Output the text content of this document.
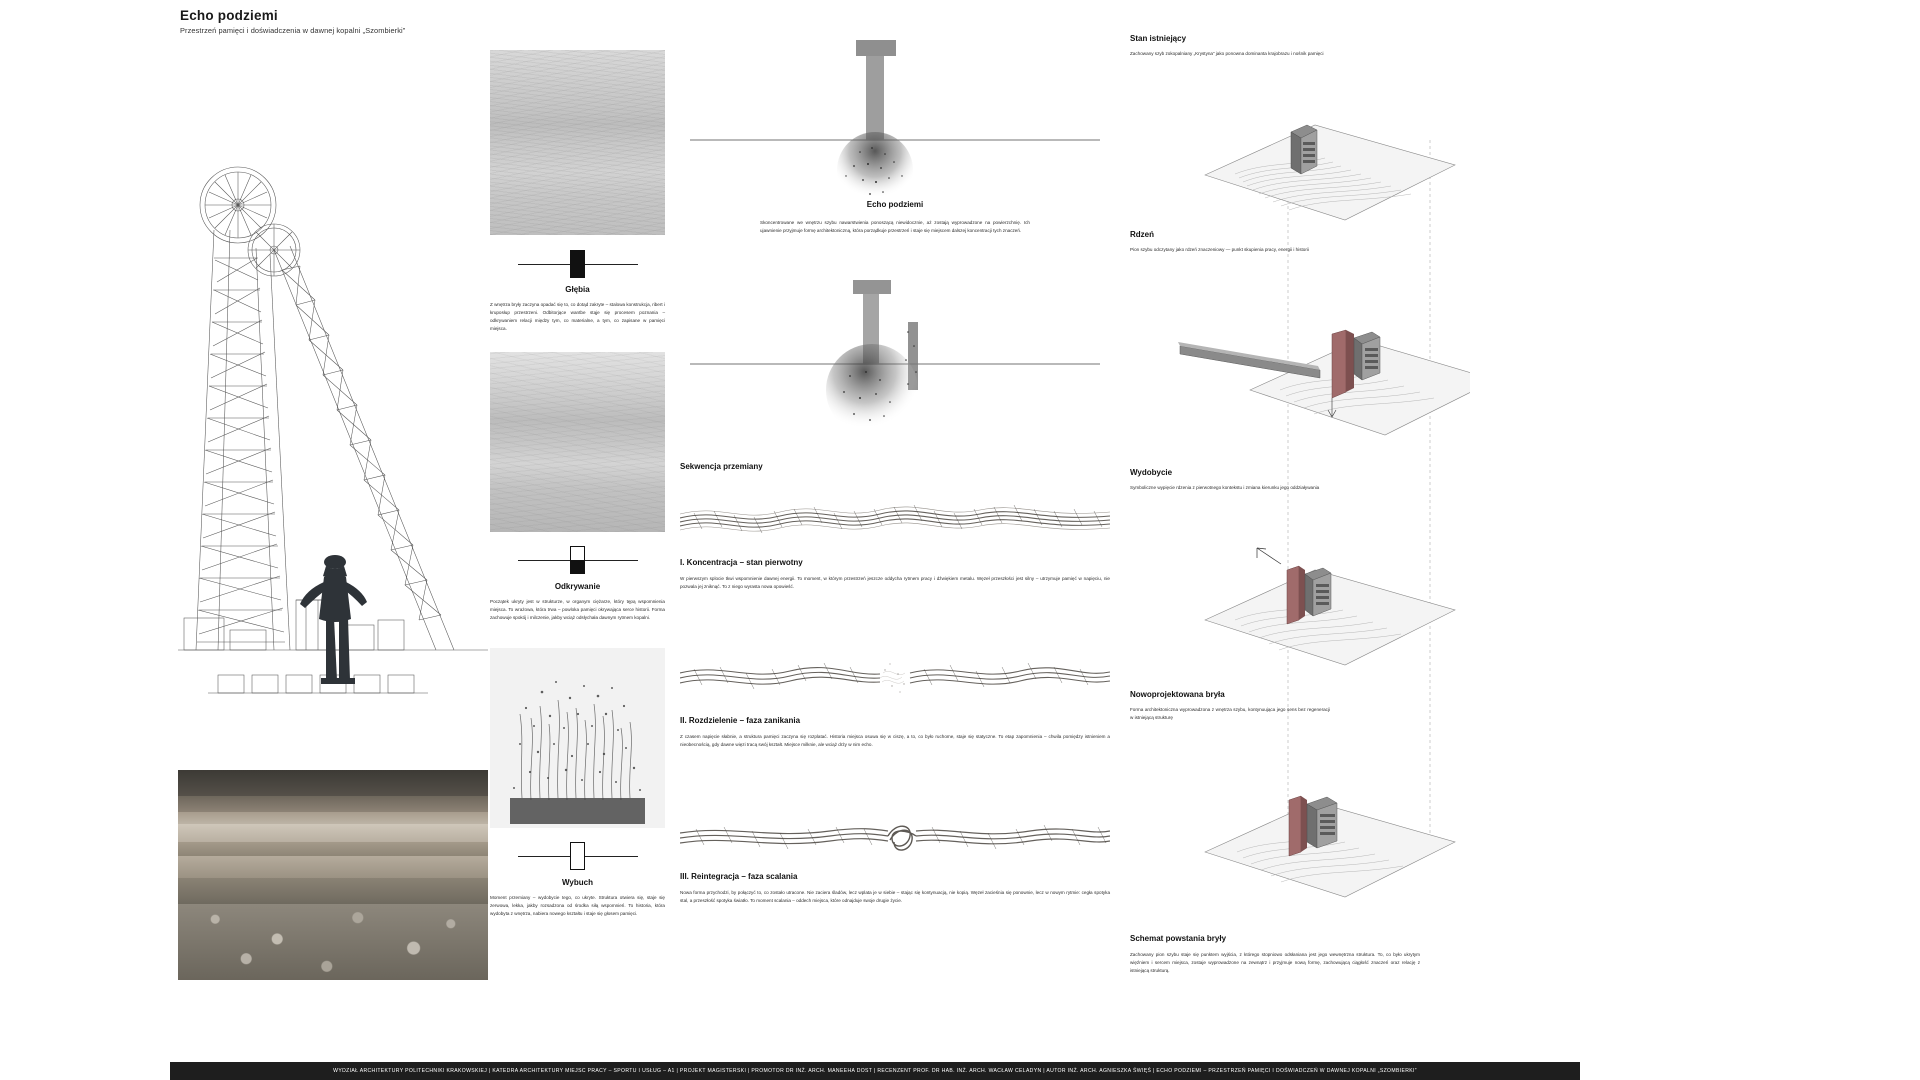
Echo podziemi
Przestrzeń pamięci i doświadczenia w dawnej kopalni „Szombierki”
Głębia
Z wnętrza bryły zaczyna opadać się to, co dotąd zakryte – stalowa konstrukcja, ribert i kruposłup przestrzeni. Odbitorjące wantbe stąje się procesem poznania – odkrywaniem relacji między tym, co materialne, a tym, co zapisane w pamięci miejsca.
Odkrywanie
Początek ukryty jest w strukturze, w organym ciężarze, który tępą wspomnienia miejsca. To wrażowa, która trwa – powloka pamięci okrywająca serce historii. Forma zachowuje spokój i milczenie, jakby wciąż odsłychała dawnym rytmem kopalni.
Wybuch
Moment przemiany – wydobycie tego, co ukryte. Struktura otwiera się, staje się zerwowa, lekka, jakby rozsadzona od środka siłą wspomnień. To historia, która wydobyta z wnętrza, nabiera nowego kształtu i staje się głosem pamięci.
Echo podziemi
Skoncentrowane we wnętrzu szybu nawarstwienia ponoszącą niewidocznie, aż zostają wyprowadzone na powierzchnię. Ich ujawnienie przyjmuje formę architektoniczną, która porządkuje przestrzeń i staje się miejscem dalszej koncentracji tych znaczeń.
Sekwencja przemiany
I. Koncentracja – stan pierwotny
W pierwszym splocie tkwi wspomnienie dawnej energii. To moment, w którym przestrzeń jeszcze oddycha rytmem pracy i dźwiękiem metalu. Węzeł przeszłości jest silny – utrzymuje pamięć w napięciu, nie pozwala jej zniknąć. To z niego wyrasta nowa opowieść.
II. Rozdzielenie – faza zanikania
Z czasem napięcie słabnie, a struktura pamięci zaczyna się rozplatać. Historia miejsca osuwa się w ciszę, a to, co było ruchome, staje się statyczne. To etap zapomnienia – chwila pomiędzy istnieniem a nieobecnością, gdy dawne więzi tracą swój kształt. Miejsce milknie, ale wciąż drży w nim echo.
III. Reintegracja – faza scalania
Nowa forma przychodzi, by połączyć to, co zostało utracone. Nie zaciera śladów, lecz wplata je w siebie – stając się kontynuacją, nie kopią. Węzeł zacieśnia się ponownie, lecz w nowym rytmie: cegła spotyka stal, a przeszłość spotyka światło. To moment scalania – oddech miejsca, które odnajduje swoje drugie życie.
Stan istniejący
Zachowany szyb zokopalniany „Krystyna” jako ponowna dominanta krajobrazu i nośnik pamięci
Rdzeń
Pion szybu odczytany jako rdzeń znaczeniowy — punkt skupienia pracy, energii i historii
Wydobycie
Symboliczne wypięcie rdzenia z pierwotnego kontekstu i zmiana kierunku jego oddziaływania
Nowoprojektowana bryła
Forma architektoniczna wyprowadzona z wnętrza szybu, kontynuująca jego sens bez regeneracji w istniejącą strukturę
Schemat powstania bryły
Zachowany pion szybu staje się punktem wyjścia, z którego stopniowo odsłaniana jest jego wewnętrzna struktura. To, co było ukrytym więźniem i sercem miejsca, zostaje wyprowadzone na zewnątrz i przyjmuje nową formę, zachowującą ciągłość znaczeń oraz relację z istniejącą strukturą.
WYDZIAŁ ARCHITEKTURY POLITECHNIKI KRAKOWSKIEJ | KATEDRA ARCHITEKTURY MIEJSC PRACY – SPORTU I USŁUG – A1 | PROJEKT MAGISTERSKI | PROMOTOR DR INŻ. ARCH. MANEEHA DOST | RECENZENT PROF. DR HAB. INŻ. ARCH. WACŁAW CELADYN | AUTOR INŻ. ARCH. AGNIESZKA ŚWIĘŚ | ECHO PODZIEMI – PRZESTRZEŃ PAMIĘCI I DOŚWIADCZEŃ W DAWNEJ KOPALNI „SZOMBIERKI”
